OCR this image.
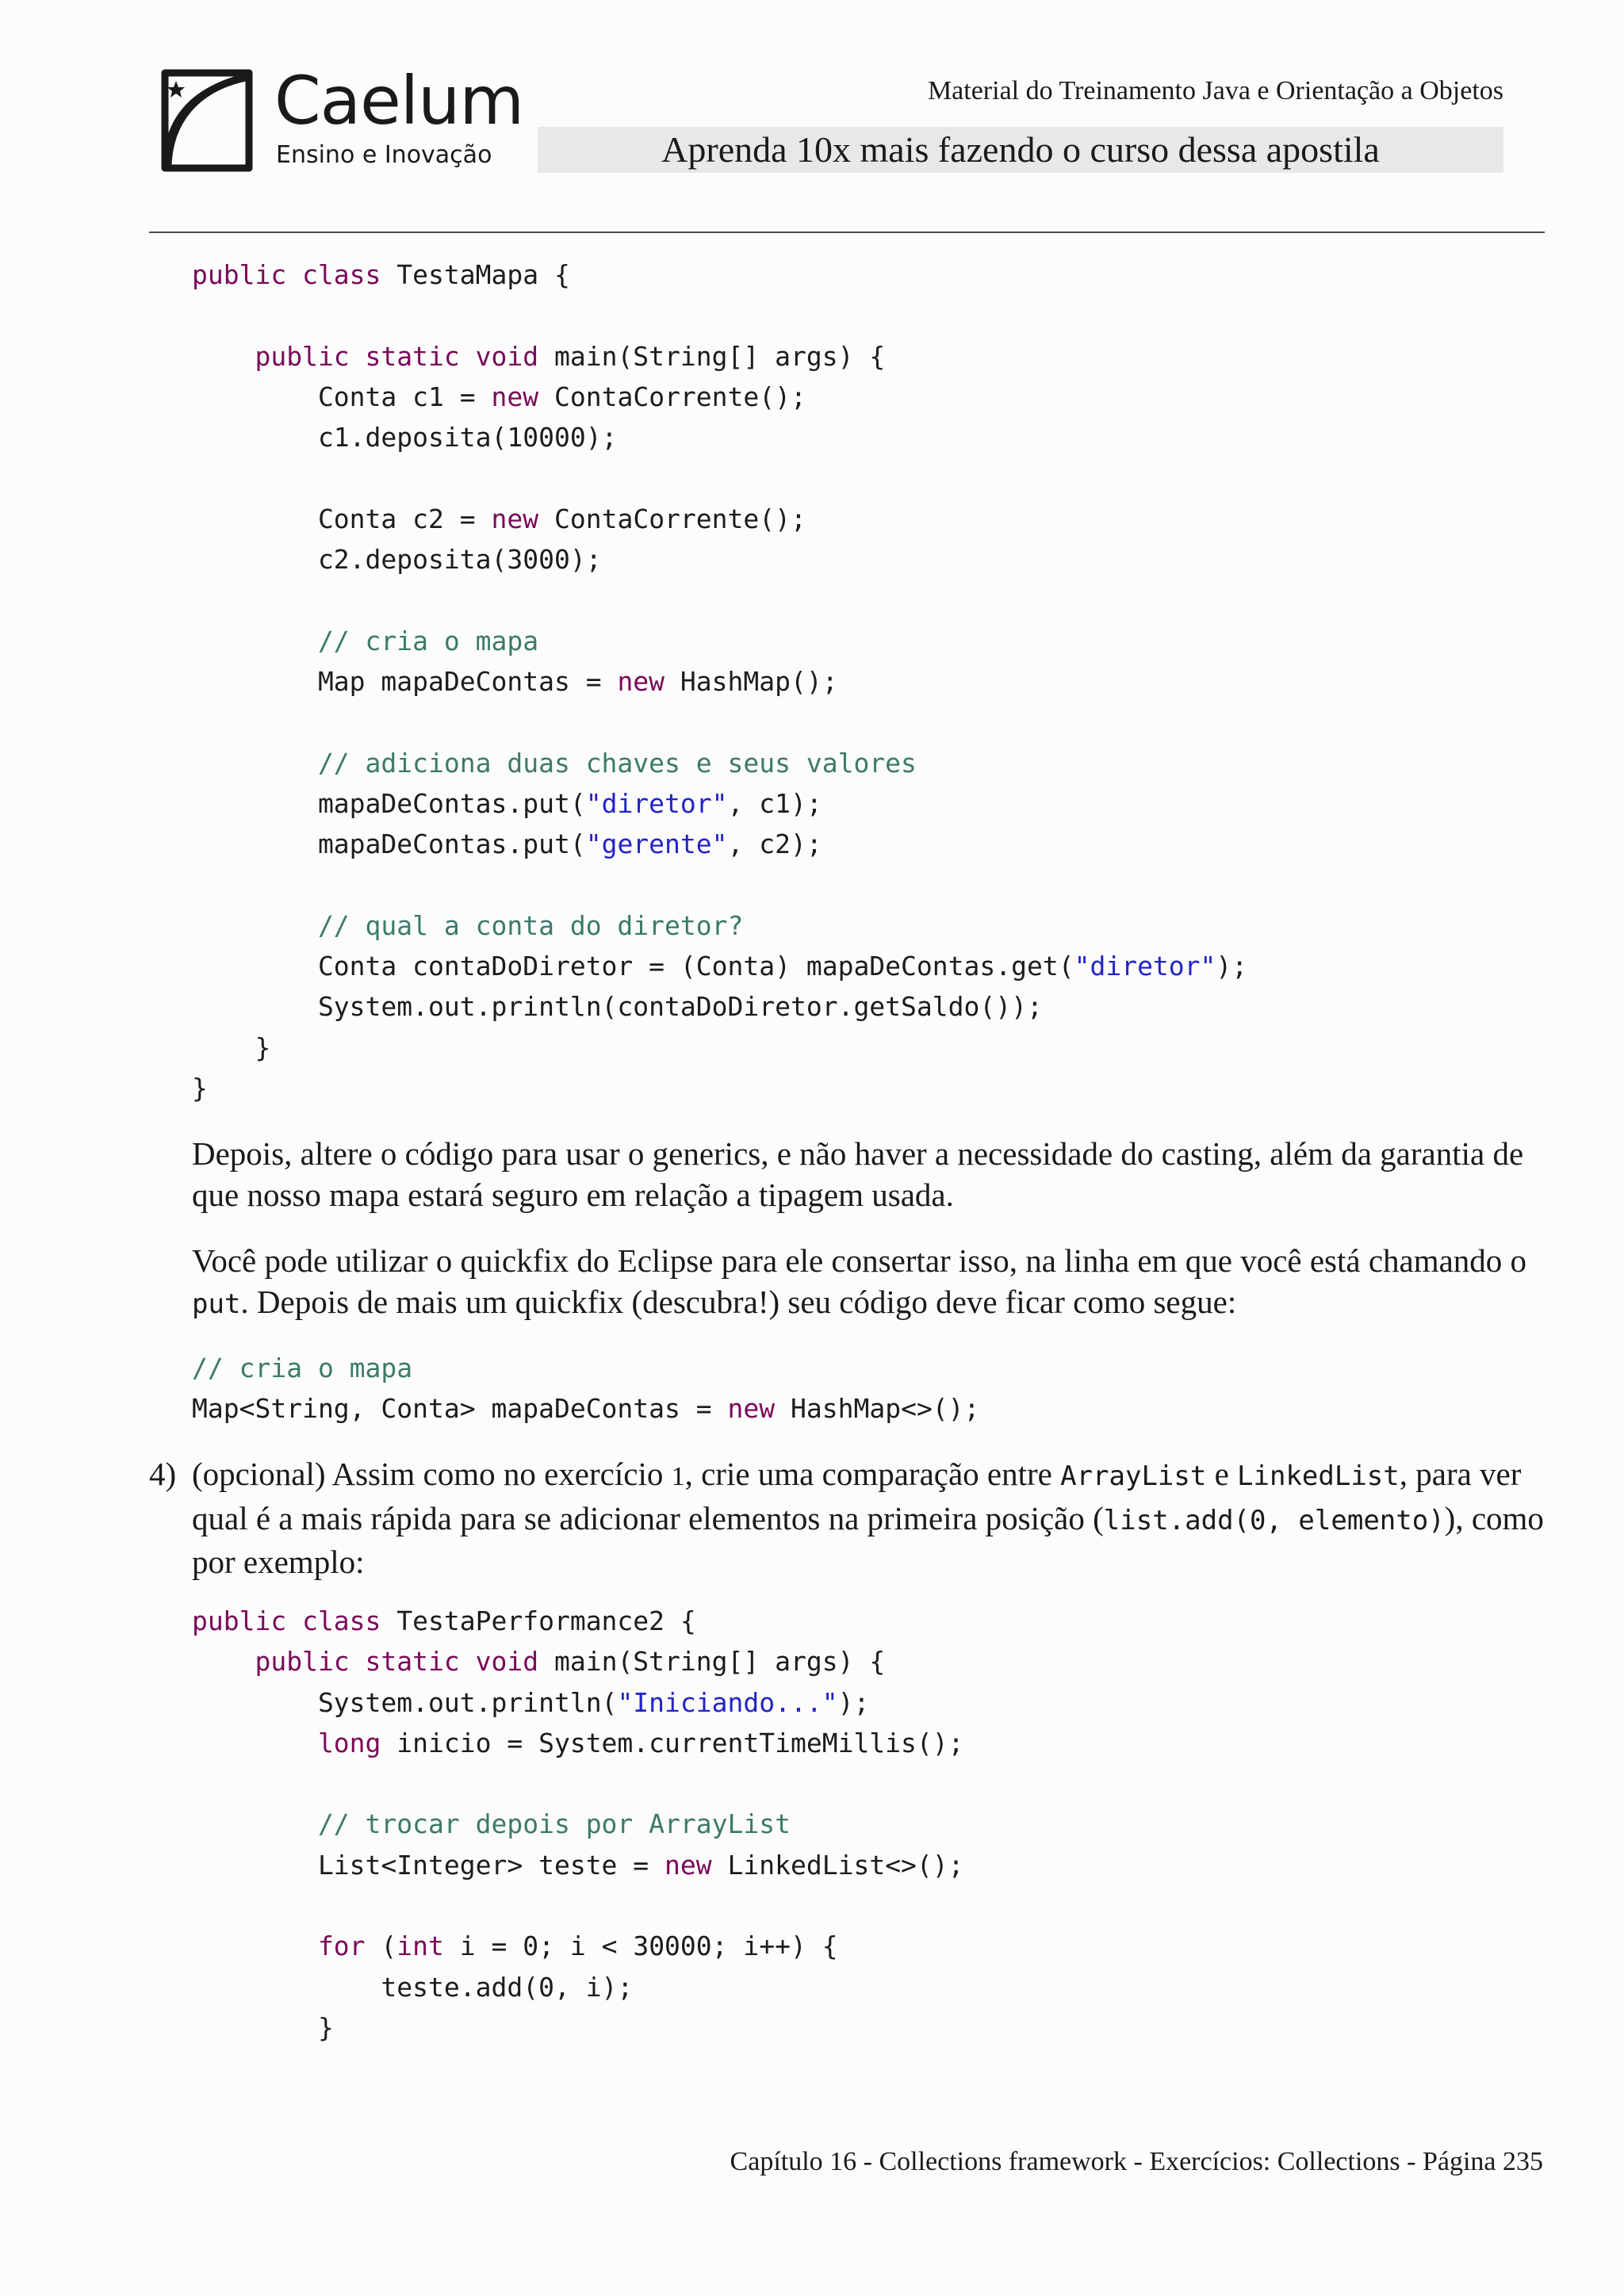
Caelum
Ensino e Inovação
Material do Treinamento Java e Orientação a Objetos
Aprenda 10x mais fazendo o curso dessa apostila
public class TestaMapa {

public static void main(String[] args) {
Conta c1 = new ContaCorrente();
c1.deposita(10000);

Conta c2 = new ContaCorrente();
c2.deposita(3000);

// cria o mapa
Map mapaDeContas = new HashMap();

// adiciona duas chaves e seus valores
mapaDeContas.put("diretor", c1);
mapaDeContas.put("gerente", c2);

// qual a conta do diretor?
Conta contaDoDiretor = (Conta) mapaDeContas.get("diretor");
System.out.println(contaDoDiretor.getSaldo());
}
}

Depois, altere o código para usar o generics, e não haver a necessidade do casting, além da garantia de que nosso mapa estará seguro em relação a tipagem usada.

Você pode utilizar o quickfix do Eclipse para ele consertar isso, na linha em que você está chamando o put. Depois de mais um quickfix (descubra!) seu código deve ficar como segue:

// cria o mapa
Map<String, Conta> mapaDeContas = new HashMap<>();
4) (opcional) Assim como no exercício 1, crie uma comparação entre ArrayList e LinkedList, para ver qual é a mais rápida para se adicionar elementos na primeira posição (list.add(0, elemento)), como por exemplo:

public class TestaPerformance2 {
public static void main(String[] args) {
System.out.println("Iniciando...");
long inicio = System.currentTimeMillis();

// trocar depois por ArrayList
List<Integer> teste = new LinkedList<>();

for (int i = 0; i < 30000; i++) {
teste.add(0, i);
}
Capítulo 16 - Collections framework - Exercícios: Collections - Página 235
